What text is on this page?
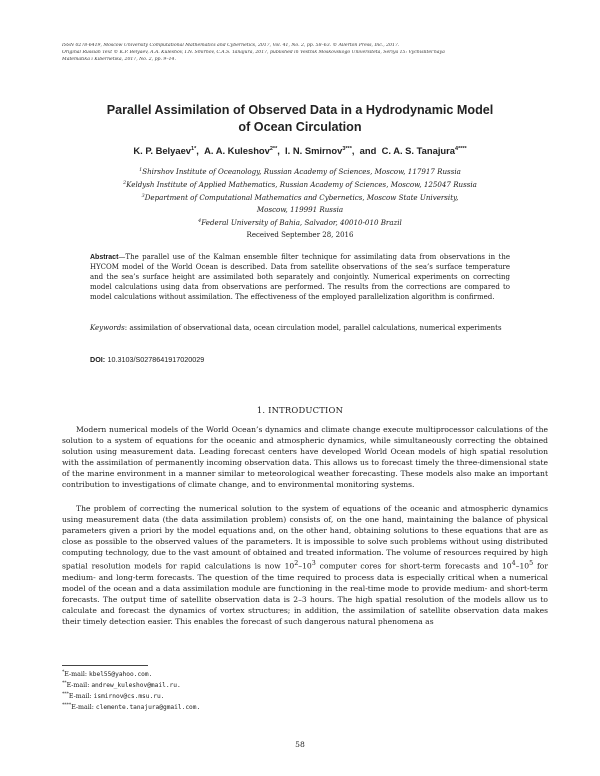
ISSN 0278-6419, Moscow University Computational Mathematics and Cybernetics, 2017, Vol. 41, No. 2, pp. 58–63. © Allerton Press, Inc., 2017.
Original Russian Text © K.P. Belyaev, A.A. Kuleshov, I.N. Smirnov, C.A.S. Tanajura, 2017, published in Vestnik Moskovskogo Universiteta, Seriya 15: Vychislitel'naya
Matematika i Kibernetika, 2017, No. 2, pp. 9–14.
Parallel Assimilation of Observed Data in a Hydrodynamic Model
of Ocean Circulation
K. P. Belyaev$^{1*}$, A. A. Kuleshov$^{2**}$, I. N. Smirnov$^{3***}$, and C. A. S. Tanajura$^{4****}$
$^1$Shirshov Institute of Oceanology, Russian Academy of Sciences, Moscow, 117917 Russia
$^2$Keldysh Institute of Applied Mathematics, Russian Academy of Sciences, Moscow, 125047 Russia
$^3$Department of Computational Mathematics and Cybernetics, Moscow State University,
Moscow, 119991 Russia
$^4$Federal University of Bahia, Salvador, 40010-010 Brazil
Received September 28, 2016
Abstract—The parallel use of the Kalman ensemble filter technique for assimilating data from observations in the HYCOM model of the World Ocean is described. Data from satellite observations of the sea’s surface temperature and the sea’s surface height are assimilated both separately and conjointly. Numerical experiments on correcting model calculations using data from observations are performed. The results from the corrections are compared to model calculations without assimilation. The effectiveness of the employed parallelization algorithm is confirmed.
Keywords: assimilation of observational data, ocean circulation model, parallel calculations, numerical experiments
DOI: 10.3103/S0278641917020029
1. INTRODUCTION
Modern numerical models of the World Ocean’s dynamics and climate change execute multiprocessor calculations of the solution to a system of equations for the oceanic and atmospheric dynamics, while simultaneously correcting the obtained solution using measurement data. Leading forecast centers have developed World Ocean models of high spatial resolution with the assimilation of permanently incoming observation data. This allows us to forecast timely the three-dimensional state of the marine environment in a manner similar to meteorological weather forecasting. These models also make an important contribution to investigations of climate change, and to environmental monitoring systems.
The problem of correcting the numerical solution to the system of equations of the oceanic and atmospheric dynamics using measurement data (the data assimilation problem) consists of, on the one hand, maintaining the balance of physical parameters given a priori by the model equations and, on the other hand, obtaining solutions to these equations that are as close as possible to the observed values of the parameters. It is impossible to solve such problems without using distributed computing technology, due to the vast amount of obtained and treated information. The volume of resources required by high spatial resolution models for rapid calculations is now $10^2-10^3$ computer cores for short-term forecasts and $10^4-10^5$ for medium- and long-term forecasts. The question of the time required to process data is especially critical when a numerical model of the ocean and a data assimilation module are functioning in the real-time mode to provide medium- and short-term forecasts. The output time of satellite observation data is 2–3 hours. The high spatial resolution of the models allow us to calculate and forecast the dynamics of vortex structures; in addition, the assimilation of satellite observation data makes their timely detection easier. This enables the forecast of such dangerous natural phenomena as
*E-mail: kbel55@yahoo.com.
**E-mail: andrew_kuleshov@mail.ru.
***E-mail: ismirnov@cs.msu.ru.
****E-mail: clemente.tanajura@gmail.com.
58
